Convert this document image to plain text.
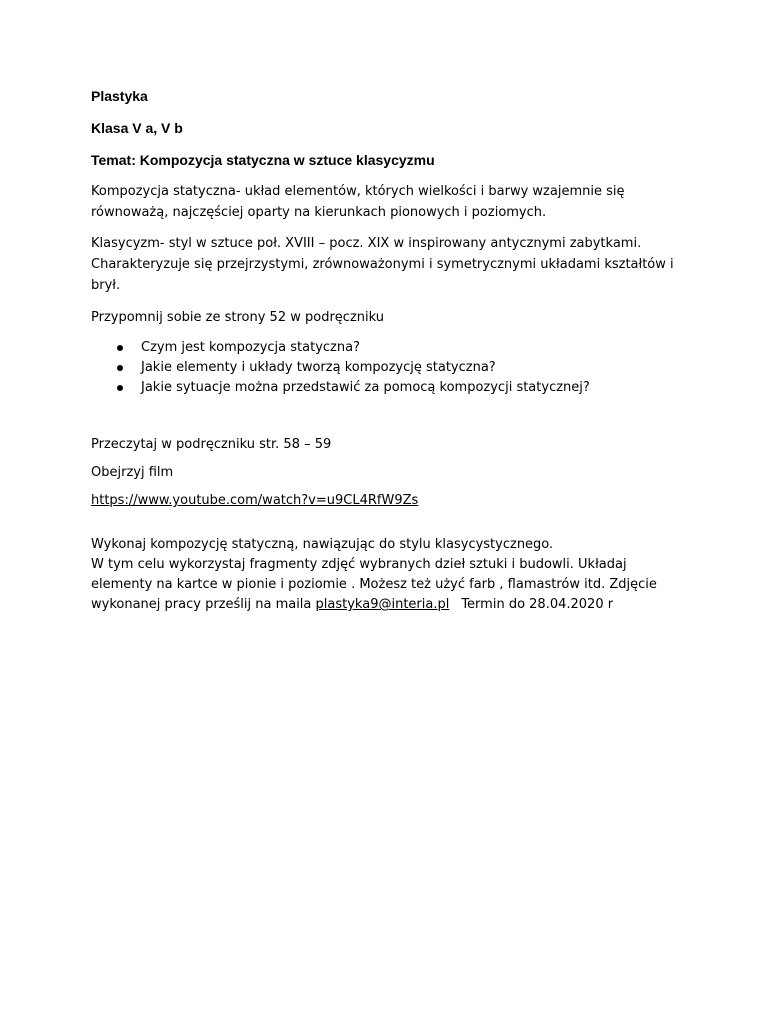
Plastyka

Klasa V a, V b

Temat: Kompozycja statyczna w sztuce klasycyzmu

Kompozycja statyczna- układ elementów, których wielkości i barwy wzajemnie się równoważą, najczęściej oparty na kierunkach pionowych i poziomych.

Klasycyzm- styl w sztuce poł. XVIII – pocz. XIX w inspirowany antycznymi zabytkami. Charakteryzuje się przejrzystymi, zrównoważonymi i symetrycznymi układami kształtów i brył.

Przypomnij sobie ze strony 52 w podręczniku

Czym jest kompozycja statyczna?
Jakie elementy i układy tworzą kompozycję statyczna?
Jakie sytuacje można przedstawić za pomocą kompozycji statycznej?

Przeczytaj w podręczniku str. 58 – 59

Obejrzyj film

https://www.youtube.com/watch?v=u9CL4RfW9Zs
Wykonaj kompozycję statyczną, nawiązując do stylu klasycystycznego.
W tym celu wykorzystaj fragmenty zdjęć wybranych dzieł sztuki i budowli. Układaj elementy na kartce w pionie i poziomie . Możesz też użyć farb , flamastrów itd. Zdjęcie wykonanej pracy prześlij na maila plastyka9@interia.pl Termin do 28.04.2020 r
